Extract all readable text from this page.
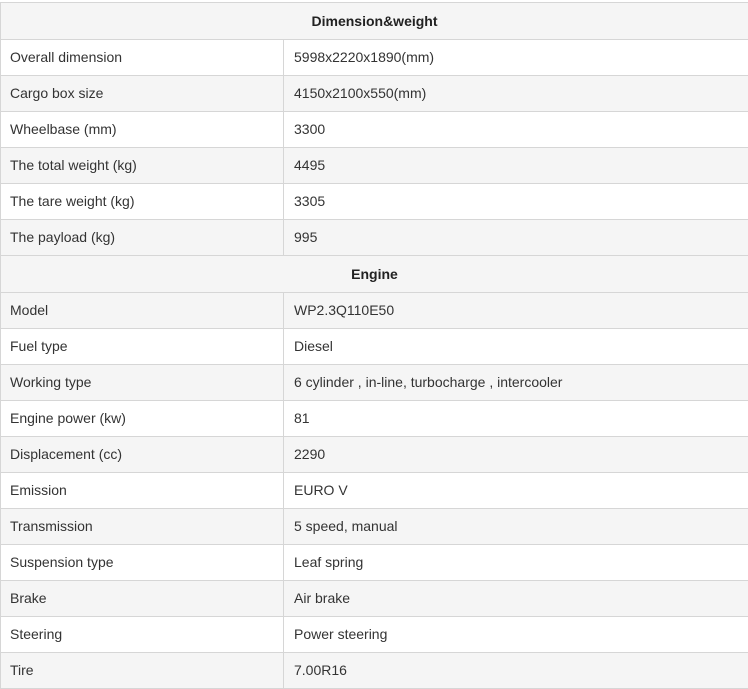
Dimension&weight	
Overall dimension	5998x2220x1890(mm)
Cargo box size	4150x2100x550(mm)
Wheelbase (mm)	3300
The total weight (kg)	4495
The tare weight (kg)	3305
The payload (kg)	995
Engine	
Model	WP2.3Q110E50
Fuel type	Diesel
Working type	6 cylinder , in-line, turbocharge , intercooler
Engine power (kw)	81
Displacement (cc)	2290
Emission	EURO V
Transmission	5 speed, manual
Suspension type	Leaf spring
Brake	Air brake
Steering	Power steering
Tire	7.00R16
